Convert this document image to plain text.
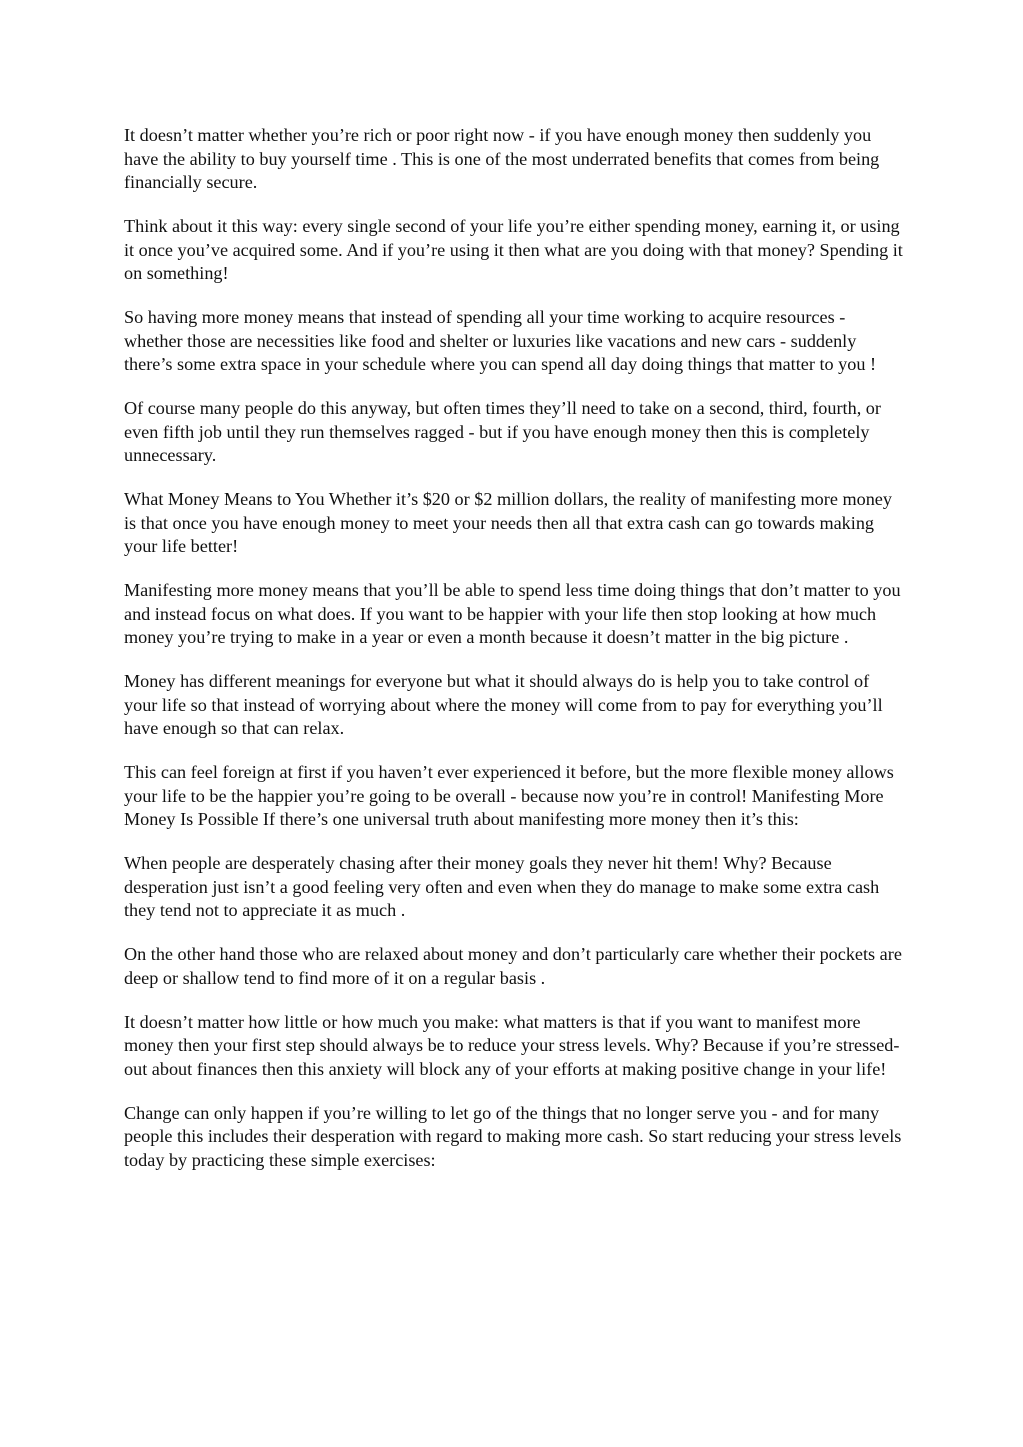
It doesn’t matter whether you’re rich or poor right now - if you have enough money then suddenly you have the ability to buy yourself time . This is one of the most underrated benefits that comes from being financially secure.

Think about it this way: every single second of your life you’re either spending money, earning it, or using it once you’ve acquired some. And if you’re using it then what are you doing with that money? Spending it on something!

So having more money means that instead of spending all your time working to acquire resources - whether those are necessities like food and shelter or luxuries like vacations and new cars - suddenly there’s some extra space in your schedule where you can spend all day doing things that matter to you !

Of course many people do this anyway, but often times they’ll need to take on a second, third, fourth, or even fifth job until they run themselves ragged - but if you have enough money then this is completely unnecessary.

What Money Means to You Whether it’s $20 or $2 million dollars, the reality of manifesting more money is that once you have enough money to meet your needs then all that extra cash can go towards making your life better!

Manifesting more money means that you’ll be able to spend less time doing things that don’t matter to you and instead focus on what does. If you want to be happier with your life then stop looking at how much money you’re trying to make in a year or even a month because it doesn’t matter in the big picture .

Money has different meanings for everyone but what it should always do is help you to take control of your life so that instead of worrying about where the money will come from to pay for everything you’ll have enough so that can relax.

This can feel foreign at first if you haven’t ever experienced it before, but the more flexible money allows your life to be the happier you’re going to be overall - because now you’re in control! Manifesting More Money Is Possible If there’s one universal truth about manifesting more money then it’s this:

When people are desperately chasing after their money goals they never hit them! Why? Because desperation just isn’t a good feeling very often and even when they do manage to make some extra cash they tend not to appreciate it as much .

On the other hand those who are relaxed about money and don’t particularly care whether their pockets are deep or shallow tend to find more of it on a regular basis .

It doesn’t matter how little or how much you make: what matters is that if you want to manifest more money then your first step should always be to reduce your stress levels. Why? Because if you’re stressed-out about finances then this anxiety will block any of your efforts at making positive change in your life!

Change can only happen if you’re willing to let go of the things that no longer serve you - and for many people this includes their desperation with regard to making more cash. So start reducing your stress levels today by practicing these simple exercises:
